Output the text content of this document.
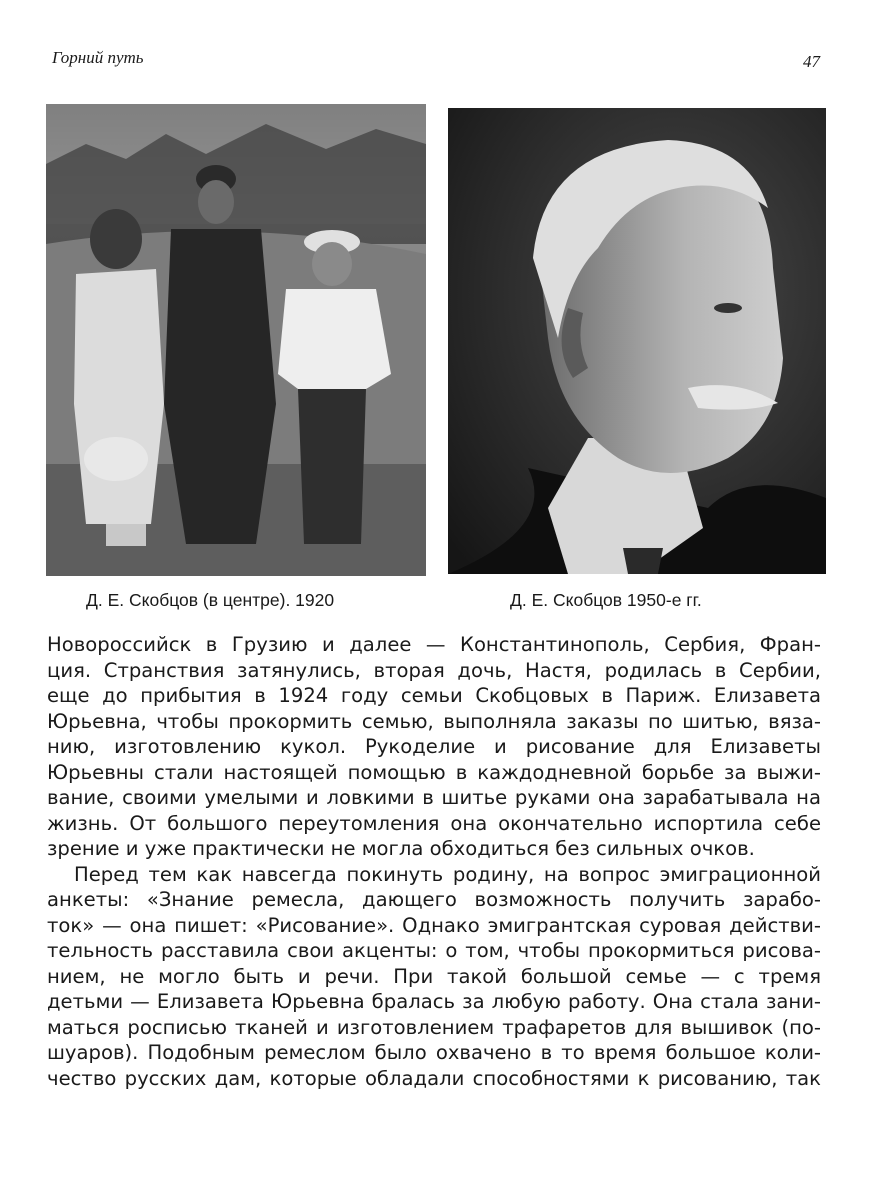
Горний путь	47
Д. Е. Скобцов (в центре). 1920	Д. Е. Скобцов 1950-е гг.
Новороссийск в Грузию и далее — Константинополь, Сербия, Фран-
ция. Странствия затянулись, вторая дочь, Настя, родилась в Сербии,
еще до прибытия в 1924 году семьи Скобцовых в Париж. Елизавета
Юрьевна, чтобы прокормить семью, выполняла заказы по шитью, вяза-
нию, изготовлению кукол. Рукоделие и рисование для Елизаветы
Юрьевны стали настоящей помощью в каждодневной борьбе за выжи-
вание, своими умелыми и ловкими в шитье руками она зарабатывала на
жизнь. От большого переутомления она окончательно испортила себе
зрение и уже практически не могла обходиться без сильных очков.
Перед тем как навсегда покинуть родину, на вопрос эмиграционной
анкеты: «Знание ремесла, дающего возможность получить зарабо-
ток» — она пишет: «Рисование». Однако эмигрантская суровая действи-
тельность расставила свои акценты: о том, чтобы прокормиться рисова-
нием, не могло быть и речи. При такой большой семье — с тремя
детьми — Елизавета Юрьевна бралась за любую работу. Она стала зани-
маться росписью тканей и изготовлением трафаретов для вышивок (по-
шуаров). Подобным ремеслом было охвачено в то время большое коли-
чество русских дам, которые обладали способностями к рисованию, так
